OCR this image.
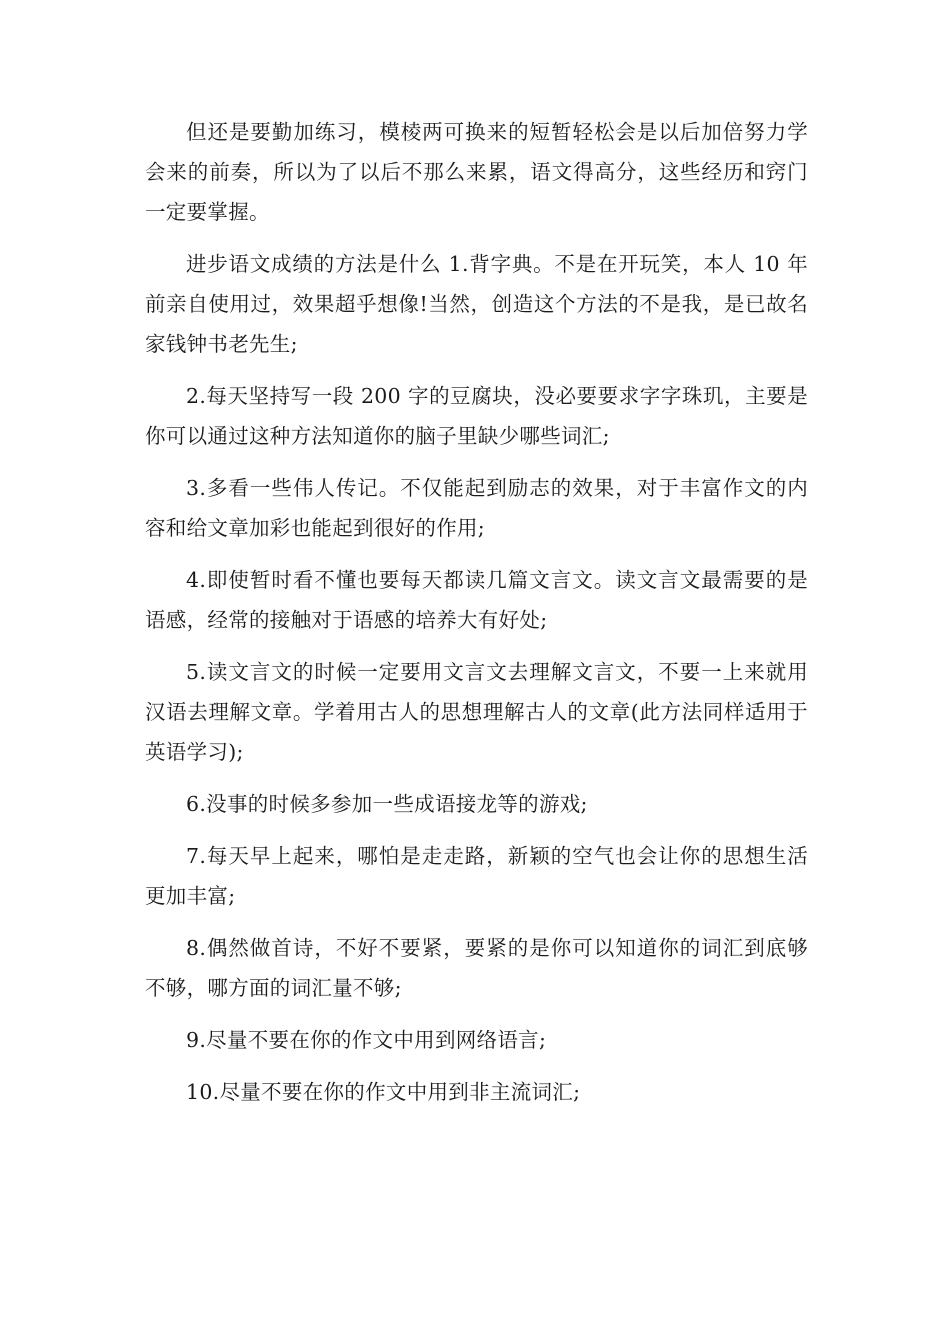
但还是要勤加练习，模棱两可换来的短暂轻松会是以后加倍努力学会来的前奏，所以为了以后不那么来累，语文得高分，这些经历和窍门一定要掌握。

进步语文成绩的方法是什么 1.背字典。不是在开玩笑，本人 10 年前亲自使用过，效果超乎想像!当然，创造这个方法的不是我，是已故名家钱钟书老先生;

2.每天坚持写一段 200 字的豆腐块，没必要要求字字珠玑，主要是你可以通过这种方法知道你的脑子里缺少哪些词汇;

3.多看一些伟人传记。不仅能起到励志的效果，对于丰富作文的内容和给文章加彩也能起到很好的作用;

4.即使暂时看不懂也要每天都读几篇文言文。读文言文最需要的是语感，经常的接触对于语感的培养大有好处;

5.读文言文的时候一定要用文言文去理解文言文，不要一上来就用汉语去理解文章。学着用古人的思想理解古人的文章(此方法同样适用于英语学习);

6.没事的时候多参加一些成语接龙等的游戏;

7.每天早上起来，哪怕是走走路，新颖的空气也会让你的思想生活更加丰富;

8.偶然做首诗，不好不要紧，要紧的是你可以知道你的词汇到底够不够，哪方面的词汇量不够;

9.尽量不要在你的作文中用到网络语言;

10.尽量不要在你的作文中用到非主流词汇;
